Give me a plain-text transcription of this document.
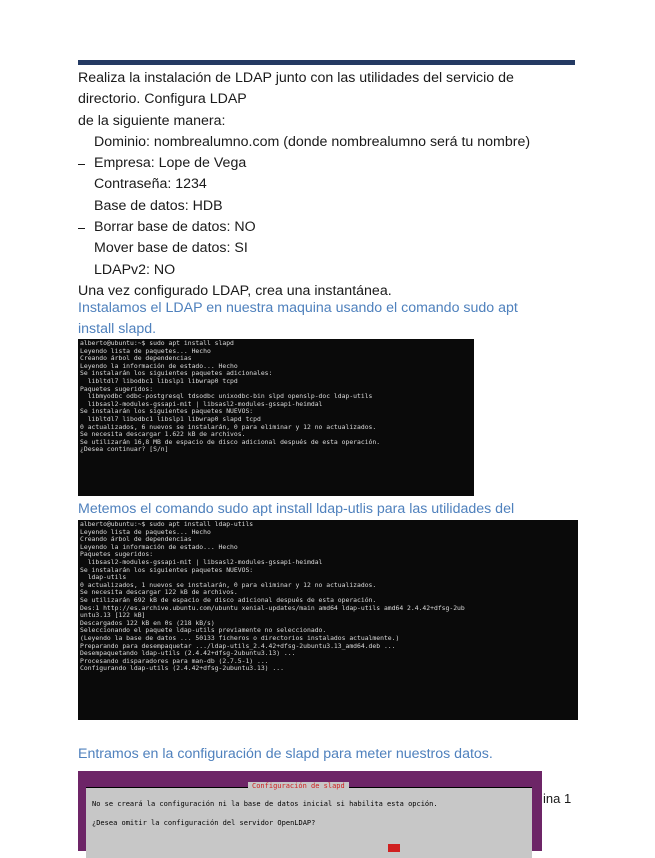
Realiza la instalación de LDAP junto con las utilidades del servicio de
directorio. Configura LDAP
de la siguiente manera:
Dominio: nombrealumno.com (donde nombrealumno será tu nombre)
⎯ Empresa: Lope de Vega
Contraseña: 1234
Base de datos: HDB
⎯ Borrar base de datos: NO
Mover base de datos: SI
LDAPv2: NO
Una vez configurado LDAP, crea una instantánea.
Instalamos el LDAP en nuestra maquina usando el comando sudo apt
install slapd.
alberto@ubuntu:~$ sudo apt install slapd
Leyendo lista de paquetes... Hecho
Creando árbol de dependencias
Leyendo la información de estado... Hecho
Se instalarán los siguientes paquetes adicionales:
libltdl7 libodbc1 libslp1 libwrap0 tcpd
Paquetes sugeridos:
libmyodbc odbc-postgresql tdsodbc unixodbc-bin slpd openslp-doc ldap-utils
libsasl2-modules-gssapi-mit | libsasl2-modules-gssapi-heimdal
Se instalarán los siguientes paquetes NUEVOS:
libltdl7 libodbc1 libslp1 libwrap0 slapd tcpd
0 actualizados, 6 nuevos se instalarán, 0 para eliminar y 12 no actualizados.
Se necesita descargar 1.622 kB de archivos.
Se utilizarán 16,8 MB de espacio de disco adicional después de esta operación.
¿Desea continuar? [S/n]
Metemos el comando sudo apt install ldap-utlis para las utilidades del
alberto@ubuntu:~$ sudo apt install ldap-utils
Leyendo lista de paquetes... Hecho
Creando árbol de dependencias
Leyendo la información de estado... Hecho
Paquetes sugeridos:
libsasl2-modules-gssapi-mit | libsasl2-modules-gssapi-heimdal
Se instalarán los siguientes paquetes NUEVOS:
ldap-utils
0 actualizados, 1 nuevos se instalarán, 0 para eliminar y 12 no actualizados.
Se necesita descargar 122 kB de archivos.
Se utilizarán 692 kB de espacio de disco adicional después de esta operación.
Des:1 http://es.archive.ubuntu.com/ubuntu xenial-updates/main amd64 ldap-utils amd64 2.4.42+dfsg-2ub
untu3.13 [122 kB]
Descargados 122 kB en 0s (218 kB/s)
Seleccionando el paquete ldap-utils previamente no seleccionado.
(Leyendo la base de datos ... 50133 ficheros o directorios instalados actualmente.)
Preparando para desempaquetar .../ldap-utils_2.4.42+dfsg-2ubuntu3.13_amd64.deb ...
Desempaquetando ldap-utils (2.4.42+dfsg-2ubuntu3.13) ...
Procesando disparadores para man-db (2.7.5-1) ...
Configurando ldap-utils (2.4.42+dfsg-2ubuntu3.13) ...
Entramos en la configuración de slapd para meter nuestros datos.
Configuración de slapd
No se creará la configuración ni la base de datos inicial si habilita esta opción.
¿Desea omitir la configuración del servidor OpenLDAP?
ina 1
